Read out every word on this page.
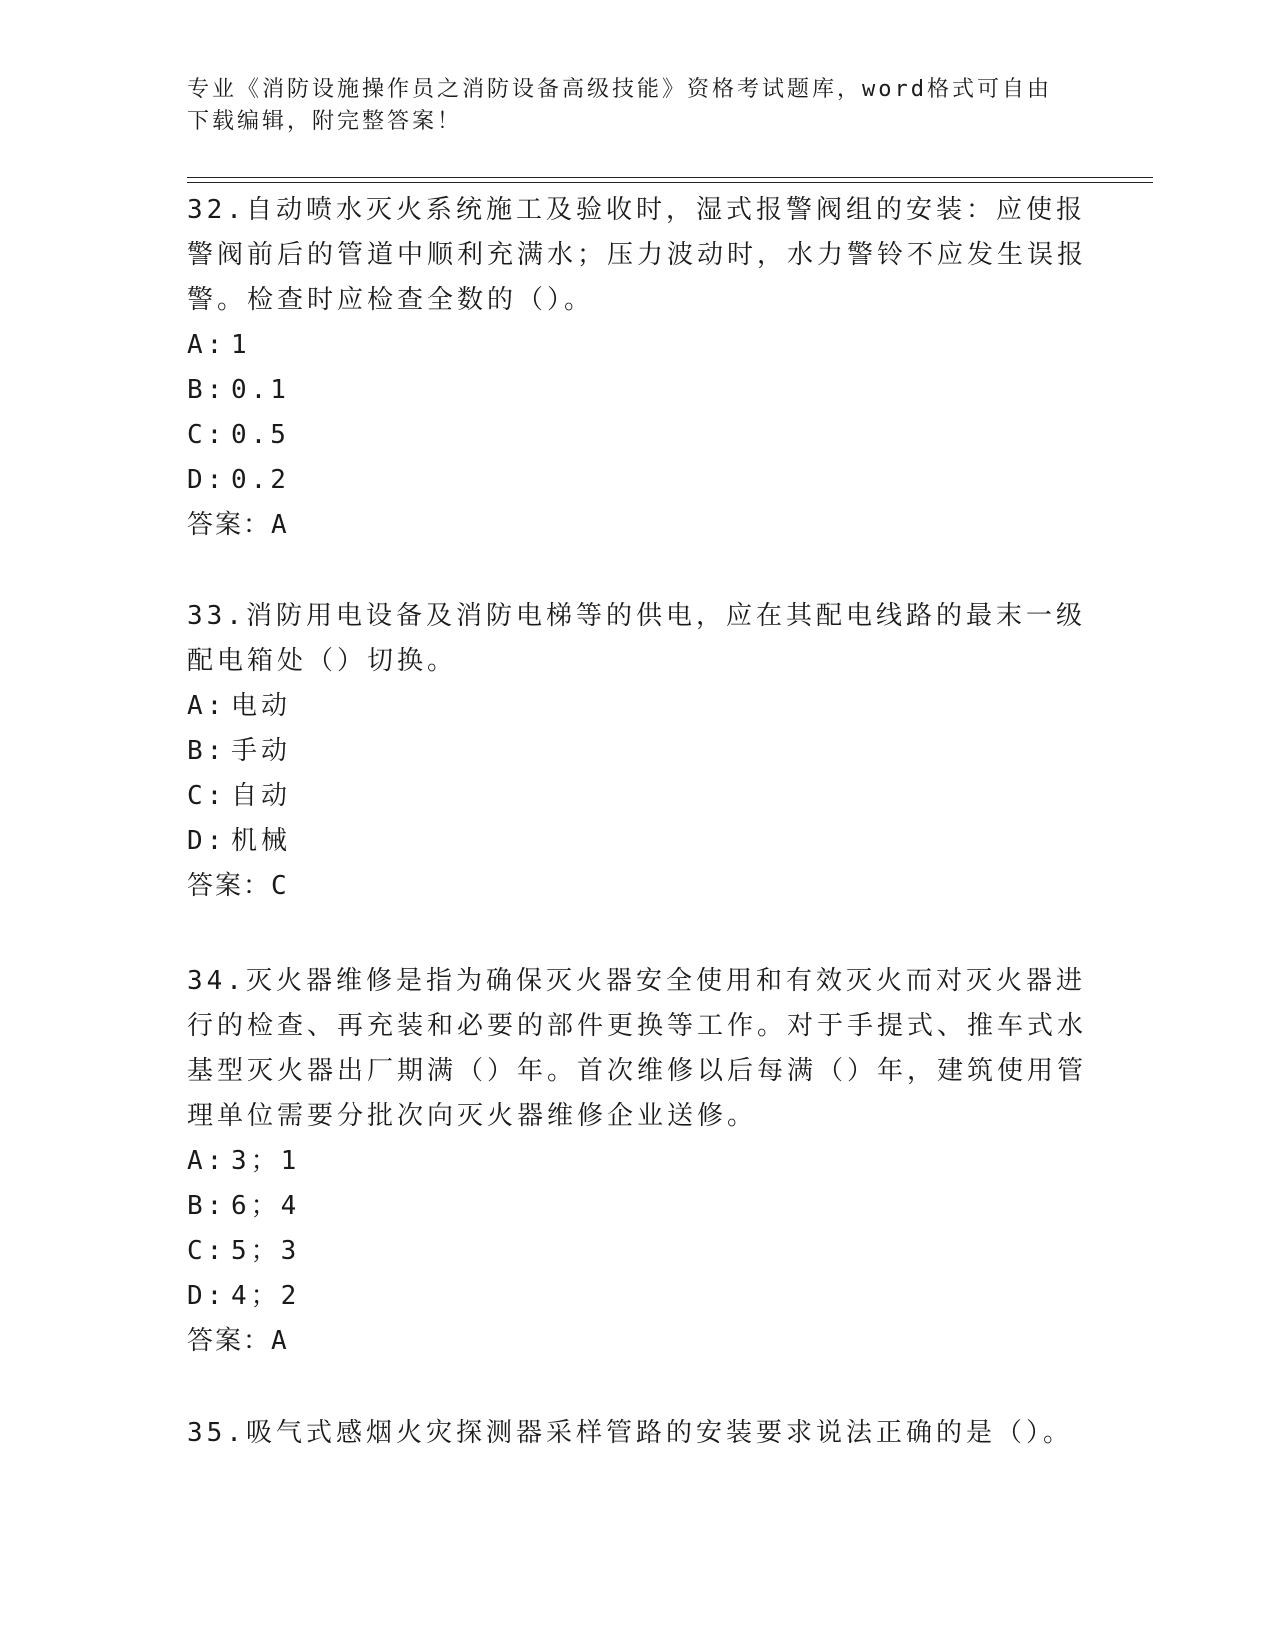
专业《消防设施操作员之消防设备高级技能》资格考试题库，word格式可自由下载编辑，附完整答案！
32.自动喷水灭火系统施工及验收时，湿式报警阀组的安装：应使报警阀前后的管道中顺利充满水；压力波动时，水力警铃不应发生误报警。检查时应检查全数的（）。
A: 1
B: 0.1
C: 0.5
D: 0.2
答案：A
33.消防用电设备及消防电梯等的供电，应在其配电线路的最末一级配电箱处（）切换。
A: 电动
B: 手动
C: 自动
D: 机械
答案：C
34.灭火器维修是指为确保灭火器安全使用和有效灭火而对灭火器进行的检查、再充装和必要的部件更换等工作。对于手提式、推车式水基型灭火器出厂期满（）年。首次维修以后每满（）年，建筑使用管理单位需要分批次向灭火器维修企业送修。
A: 3；1
B: 6；4
C: 5；3
D: 4；2
答案：A
35.吸气式感烟火灾探测器采样管路的安装要求说法正确的是（）。
